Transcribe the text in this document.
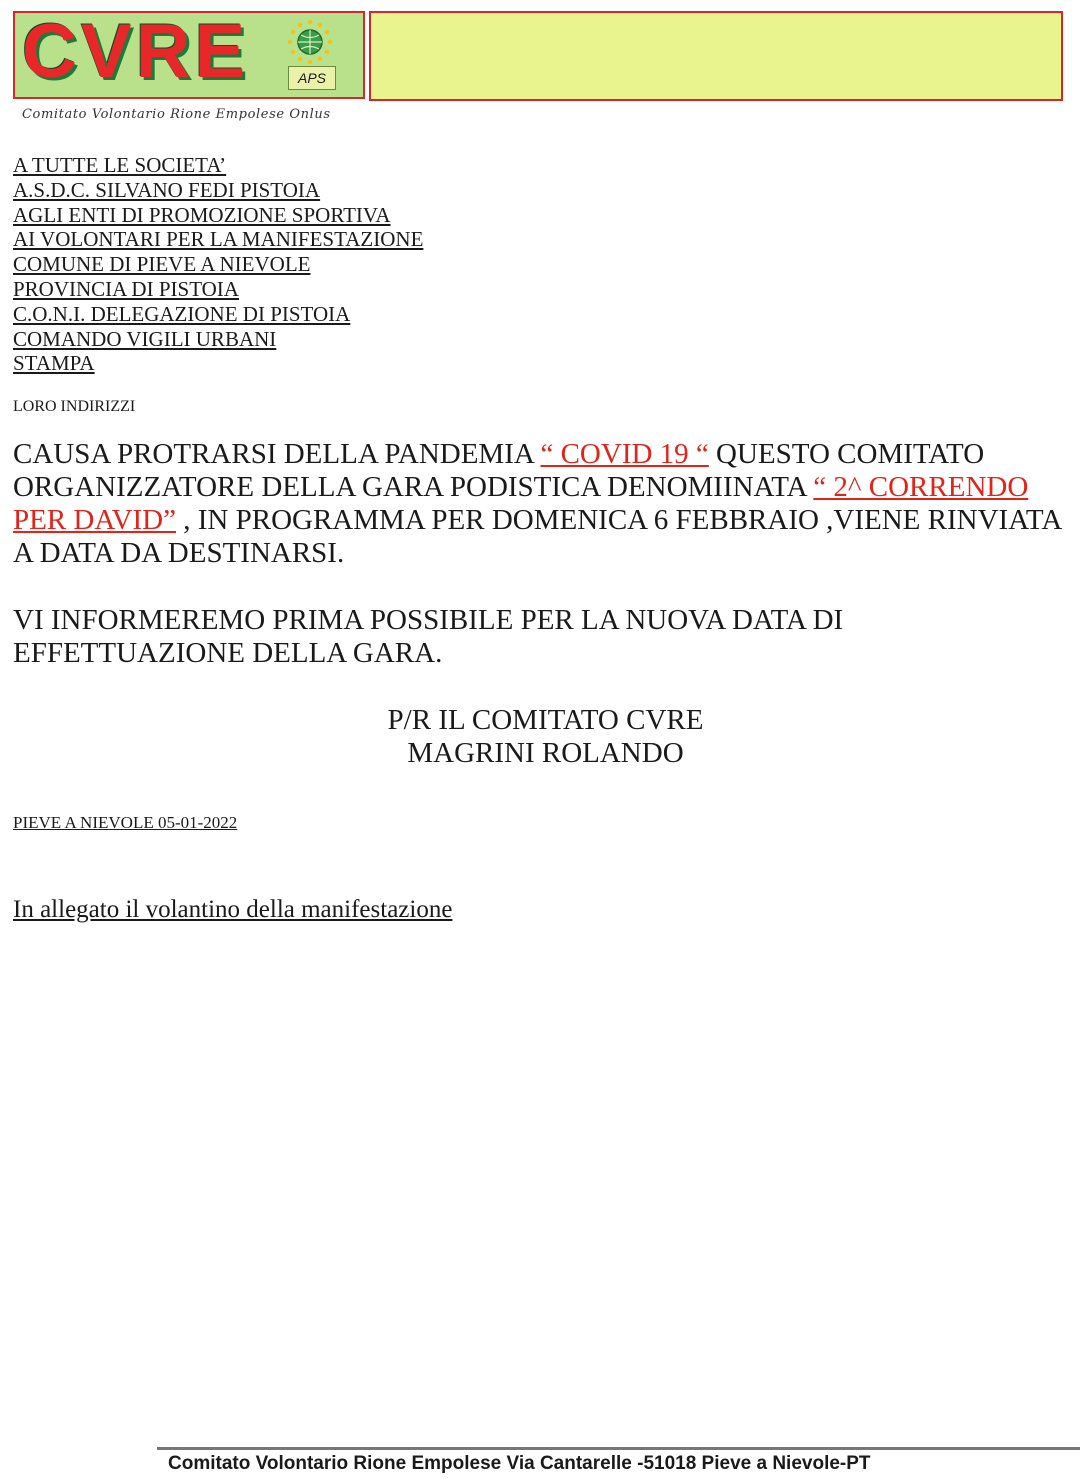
CVRE	APS
Comitato Volontario Rione Empolese Onlus
A TUTTE LE SOCIETA’
A.S.D.C. SILVANO FEDI PISTOIA
AGLI ENTI DI PROMOZIONE SPORTIVA
AI VOLONTARI PER LA MANIFESTAZIONE
COMUNE DI PIEVE A NIEVOLE
PROVINCIA DI PISTOIA
C.O.N.I. DELEGAZIONE DI PISTOIA
COMANDO VIGILI URBANI
STAMPA
LORO INDIRIZZI
CAUSA PROTRARSI DELLA PANDEMIA “ COVID 19 “ QUESTO COMITATO ORGANIZZATORE DELLA GARA PODISTICA DENOMIINATA “ 2^ CORRENDO PER DAVID” , IN PROGRAMMA PER DOMENICA 6 FEBBRAIO ,VIENE RINVIATA A DATA DA DESTINARSI.
VI INFORMEREMO PRIMA POSSIBILE PER LA NUOVA DATA DI EFFETTUAZIONE DELLA GARA.
P/R IL COMITATO CVRE
MAGRINI ROLANDO
PIEVE A NIEVOLE 05-01-2022
In allegato il volantino della manifestazione
Comitato Volontario Rione Empolese Via Cantarelle -51018 Pieve a Nievole-PT
